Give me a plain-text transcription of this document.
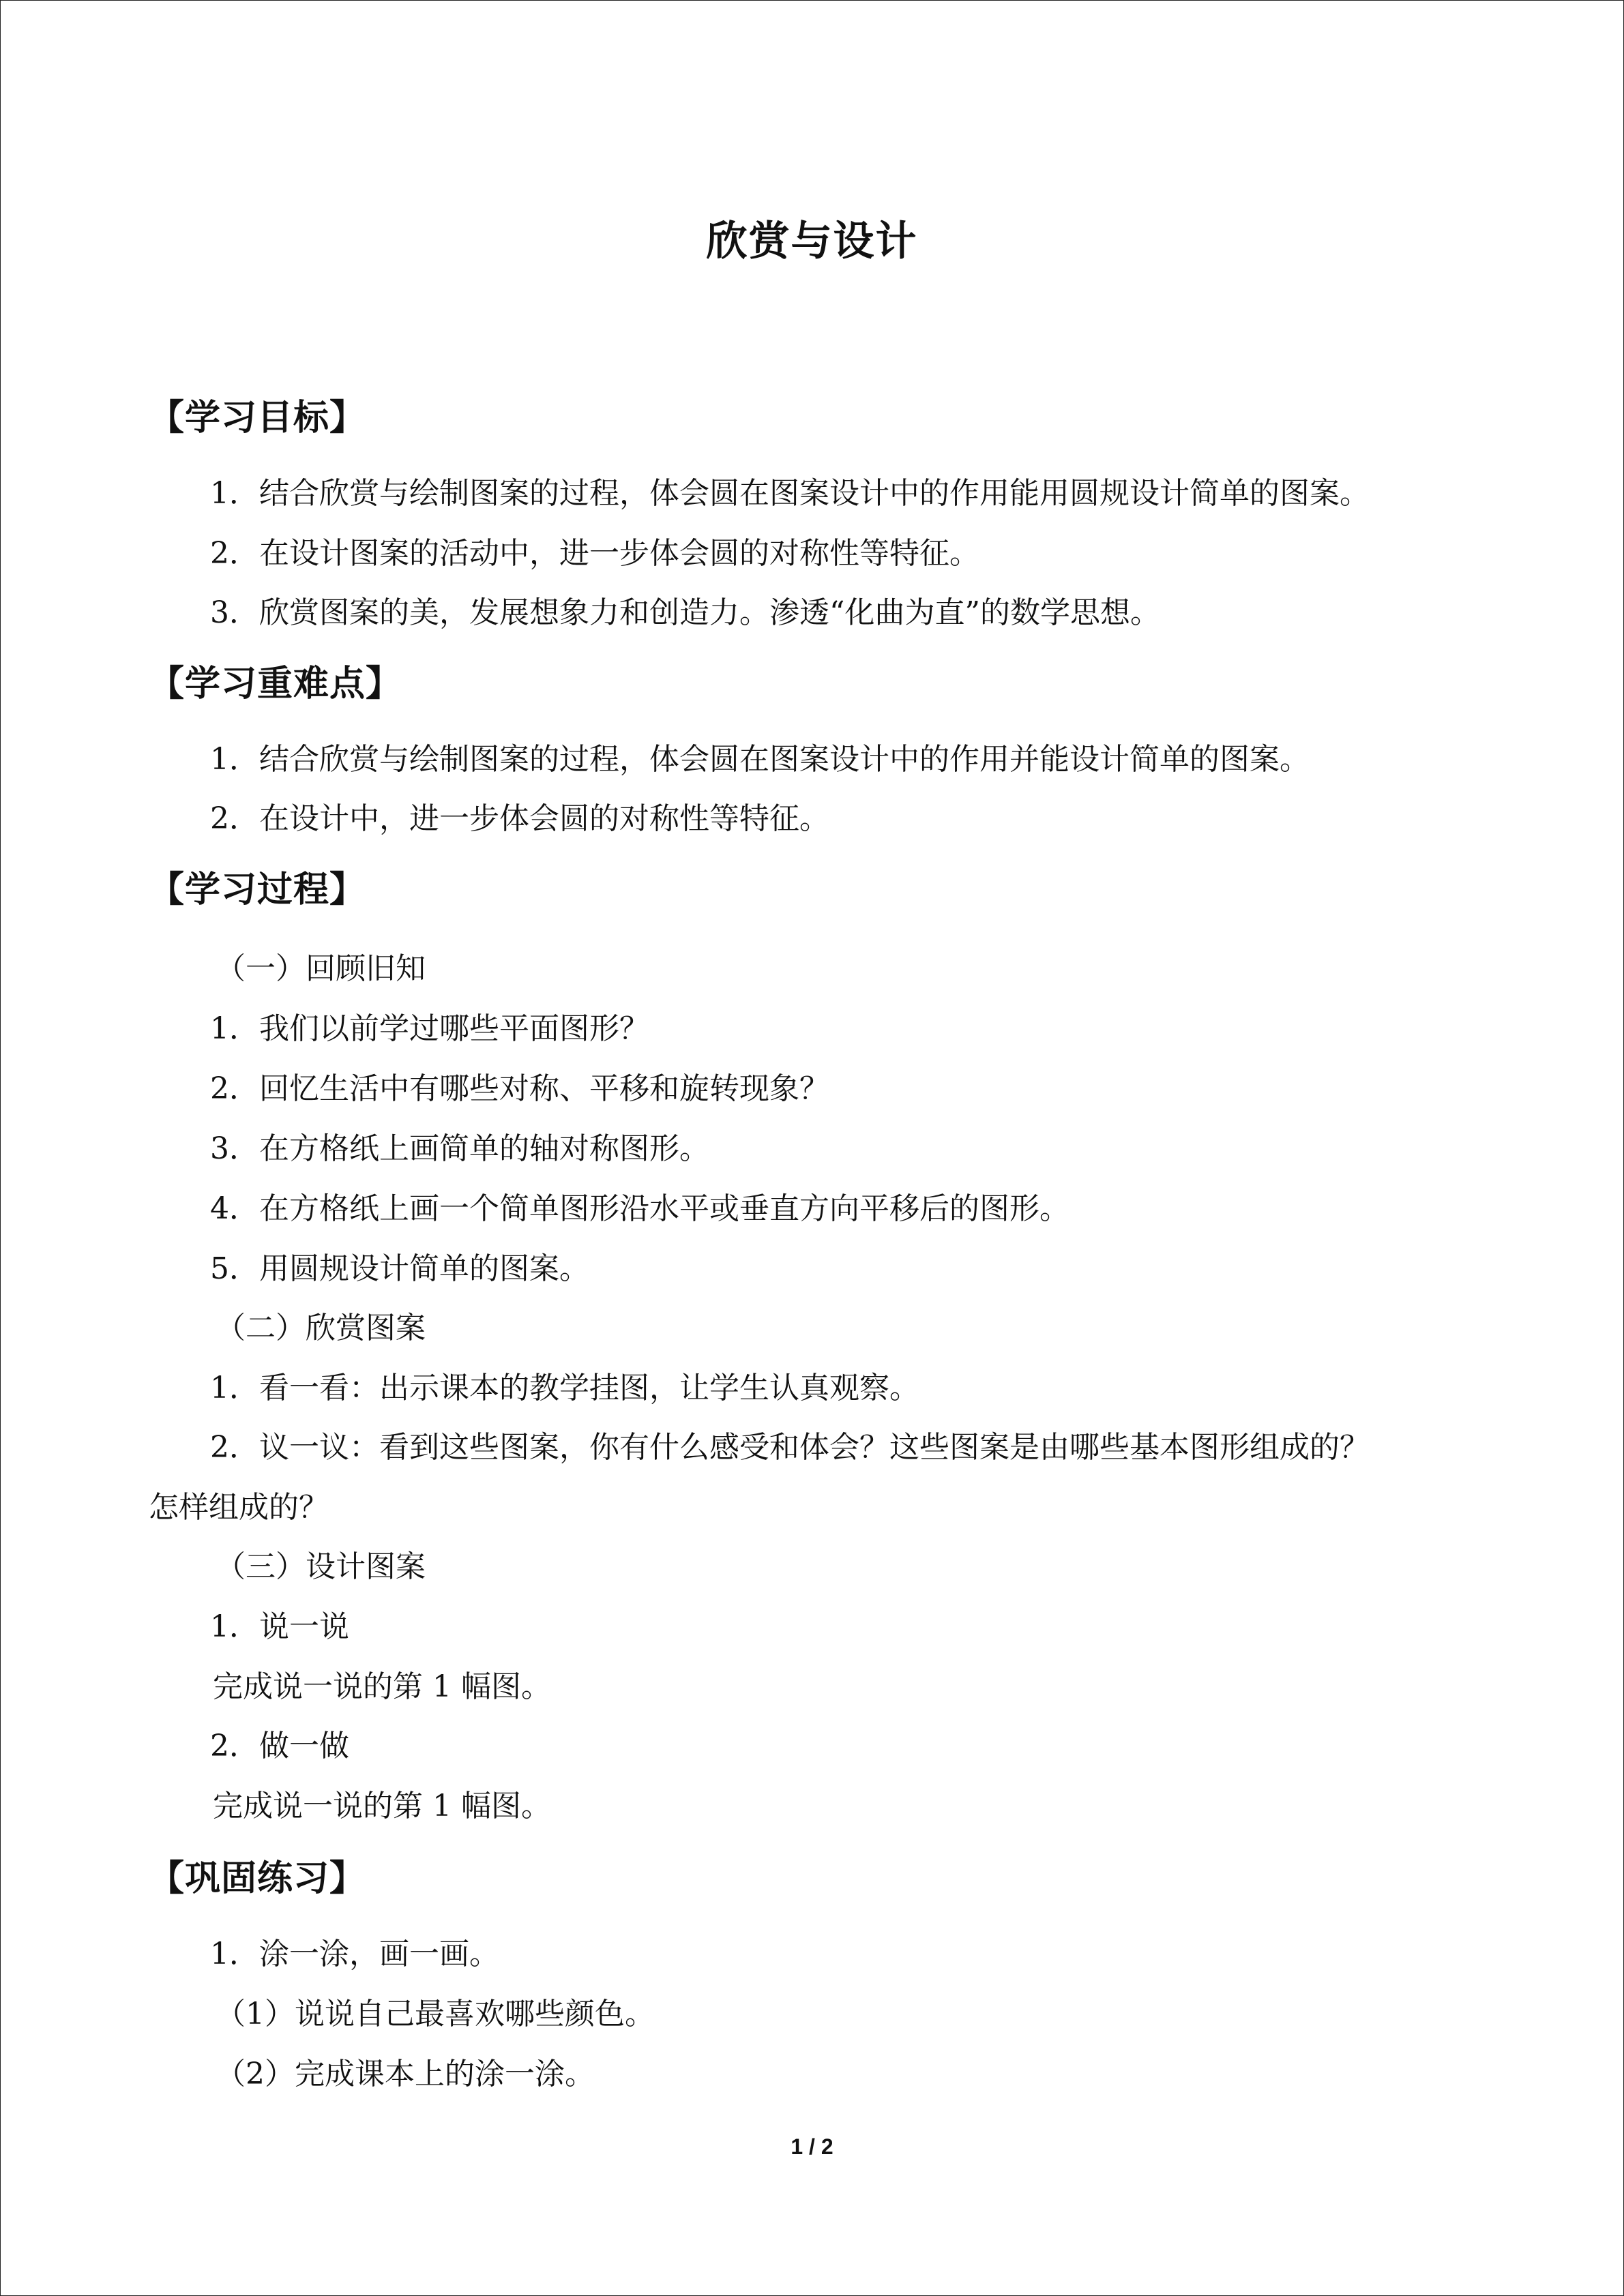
欣赏与设计
【学习目标】
1．结合欣赏与绘制图案的过程，体会圆在图案设计中的作用能用圆规设计简单的图案。
2．在设计图案的活动中，进一步体会圆的对称性等特征。
3．欣赏图案的美，发展想象力和创造力。渗透“化曲为直”的数学思想。
【学习重难点】
1．结合欣赏与绘制图案的过程，体会圆在图案设计中的作用并能设计简单的图案。
2．在设计中，进一步体会圆的对称性等特征。
【学习过程】
（一）回顾旧知
1．我们以前学过哪些平面图形？
2．回忆生活中有哪些对称、平移和旋转现象？
3．在方格纸上画简单的轴对称图形。
4．在方格纸上画一个简单图形沿水平或垂直方向平移后的图形。
5．用圆规设计简单的图案。
（二）欣赏图案
1．看一看：出示课本的教学挂图，让学生认真观察。
2．议一议：看到这些图案，你有什么感受和体会？这些图案是由哪些基本图形组成的？
怎样组成的？
（三）设计图案
1．说一说
完成说一说的第 1 幅图。
2．做一做
完成说一说的第 1 幅图。
【巩固练习】
1．涂一涂，画一画。
（1）说说自己最喜欢哪些颜色。
（2）完成课本上的涂一涂。
1 / 2
